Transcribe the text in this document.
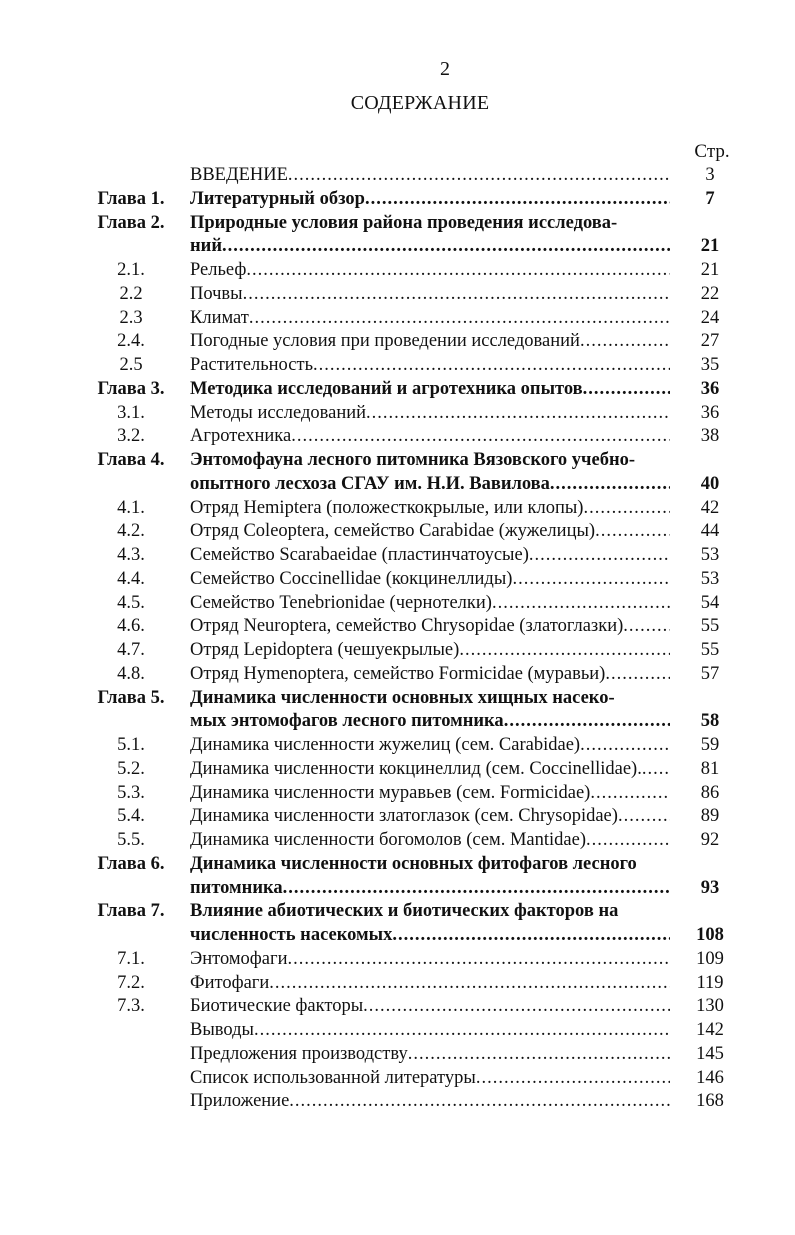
2
СОДЕРЖАНИЕ
Стр.
ВВЕДЕНИЕ .....	3
Глава 1.	Литературный обзор .....	7
Глава 2.	Природные условия района проведения исследова-
ний .....	21
2.1.	Рельеф .....	21
2.2	Почвы .....	22
2.3	Климат .....	24
2.4.	Погодные условия при проведении исследований .....	27
2.5	Растительность .....	35
Глава 3.	Методика исследований и агротехника опытов .....	36
3.1.	Методы исследований .....	36
3.2.	Агротехника .....	38
Глава 4.	Энтомофауна лесного питомника Вязовского учебно-
опытного лесхоза СГАУ им. Н.И. Вавилова .....	40
4.1.	Отряд Hemiptera (положесткокрылые, или клопы) .....	42
4.2.	Отряд Coleoptera, семейство Carabidae (жужелицы) .....	44
4.3.	Семейство Scarabaeidae (пластинчатоусые) .....	53
4.4.	Семейство Coccinellidae (кокцинеллиды) .....	53
4.5.	Семейство Tenebrionidae (чернотелки) .....	54
4.6.	Отряд Neuroptera, семейство Chrysopidae (златоглазки) .....	55
4.7.	Отряд Lepidoptera (чешуекрылые) .....	55
4.8.	Отряд Hymenoptera, семейство Formicidae (муравьи) .....	57
Глава 5.	Динамика численности основных хищных насеко-
мых энтомофагов лесного питомника .....	58
5.1.	Динамика численности жужелиц (сем. Carabidae) .....	59
5.2.	Динамика численности кокцинеллид (сем. Coccinellidae). .....	81
5.3.	Динамика численности муравьев (сем. Formicidae) .....	86
5.4.	Динамика численности златоглазок (сем. Chrysopidae) .....	89
5.5.	Динамика численности богомолов (сем. Mantidae) .....	92
Глава 6.	Динамика численности основных фитофагов лесного
питомника .....	93
Глава 7.	Влияние абиотических и биотических факторов на
численность насекомых .....	108
7.1.	Энтомофаги .....	109
7.2.	Фитофаги .....	119
7.3.	Биотические факторы .....	130
Выводы .....	142
Предложения производству .....	145
Список использованной литературы .....	146
Приложение .....	168
